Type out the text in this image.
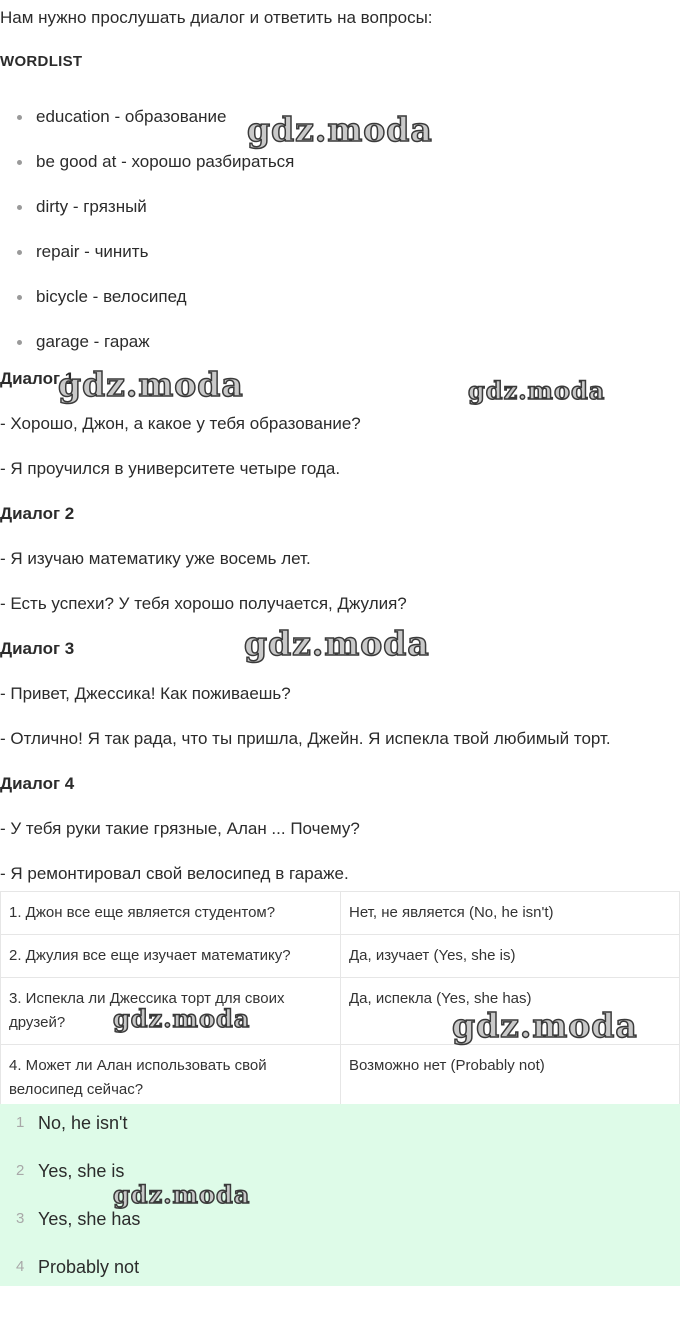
Нам нужно прослушать диалог и ответить на вопросы:
WORDLIST
education - образование
be good at - хорошо разбираться
dirty - грязный
repair - чинить
bicycle - велосипед
garage - гараж
Диалог 1
- Хорошо, Джон, а какое у тебя образование?
- Я проучился в университете четыре года.
Диалог 2
- Я изучаю математику уже восемь лет.
- Есть успехи? У тебя хорошо получается, Джулия?
Диалог 3
- Привет, Джессика! Как поживаешь?
- Отлично! Я так рада, что ты пришла, Джейн. Я испекла твой любимый торт.
Диалог 4
- У тебя руки такие грязные, Алан ... Почему?
- Я ремонтировал свой велосипед в гараже.
1. Джон все еще является студентом?	Нет, не является (No, he isn't)
2. Джулия все еще изучает математику?	Да, изучает (Yes, she is)
3. Испекла ли Джессика торт для своих друзей?	Да, испекла (Yes, she has)
4. Может ли Алан использовать свой велосипед сейчас?	Возможно нет (Probably not)
1 No, he isn't
2 Yes, she is
3 Yes, she has
4 Probably not
gdz.moda
gdz.moda	gdz.moda
gdz.moda
gdz.moda	gdz.moda
gdz.moda
